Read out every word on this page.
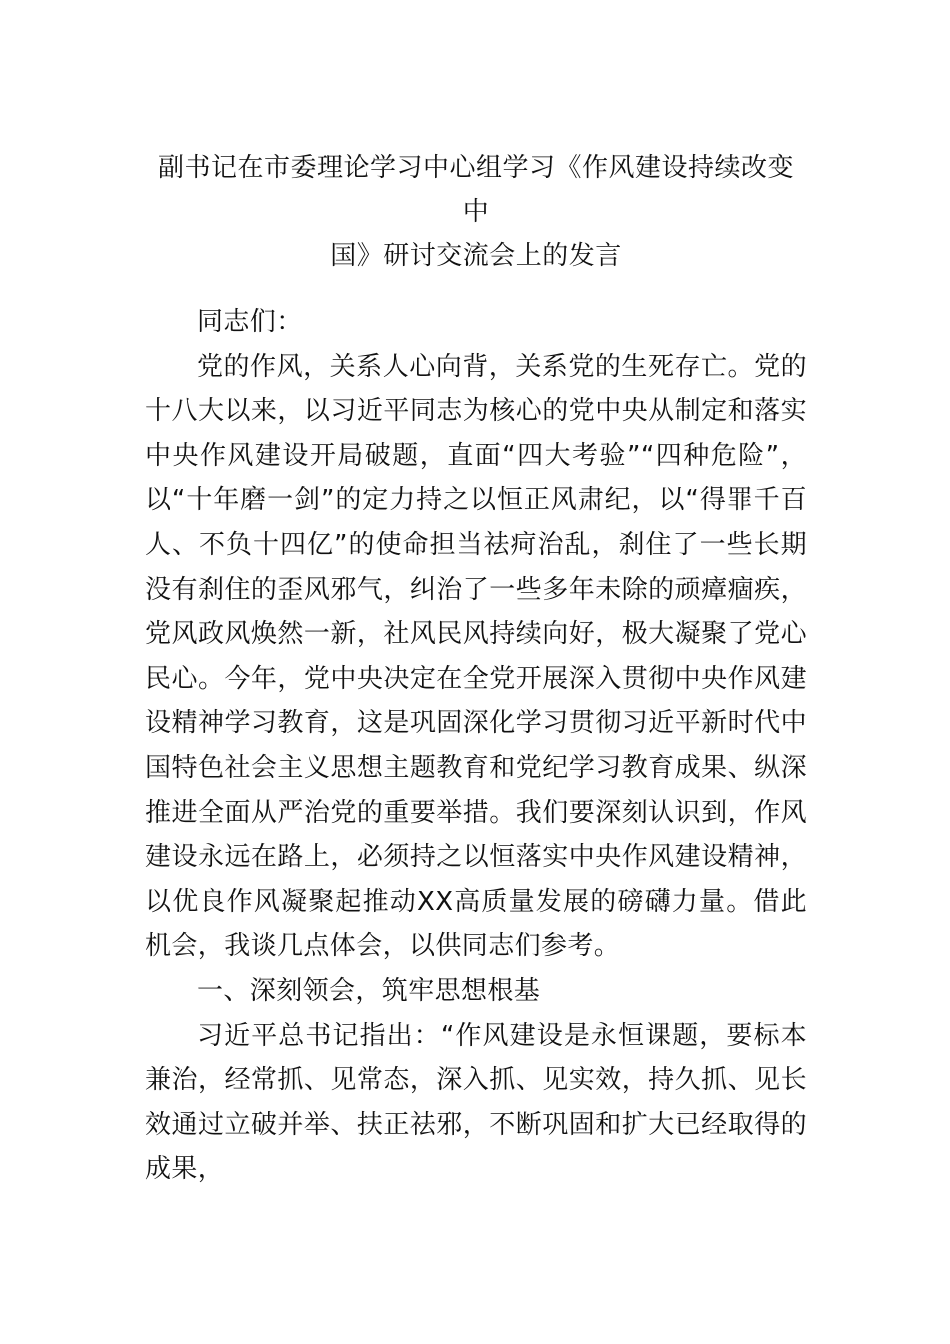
副书记在市委理论学习中心组学习《作风建设持续改变中
国》研讨交流会上的发言

同志们：

党的作风，关系人心向背，关系党的生死存亡。党的十八大以来，以习近平同志为核心的党中央从制定和落实中央作风建设开局破题，直面“四大考验”“四种危险”，以“十年磨一剑”的定力持之以恒正风肃纪，以“得罪千百人、不负十四亿”的使命担当祛疴治乱，刹住了一些长期没有刹住的歪风邪气，纠治了一些多年未除的顽瘴痼疾，党风政风焕然一新，社风民风持续向好，极大凝聚了党心民心。今年，党中央决定在全党开展深入贯彻中央作风建设精神学习教育，这是巩固深化学习贯彻习近平新时代中国特色社会主义思想主题教育和党纪学习教育成果、纵深推进全面从严治党的重要举措。我们要深刻认识到，作风建设永远在路上，必须持之以恒落实中央作风建设精神，以优良作风凝聚起推动XX高质量发展的磅礴力量。借此机会，我谈几点体会，以供同志们参考。

一、深刻领会，筑牢思想根基

习近平总书记指出：“作风建设是永恒课题，要标本兼治，经常抓、见常态，深入抓、见实效，持久抓、见长效通过立破并举、扶正祛邪，不断巩固和扩大已经取得的成果，
